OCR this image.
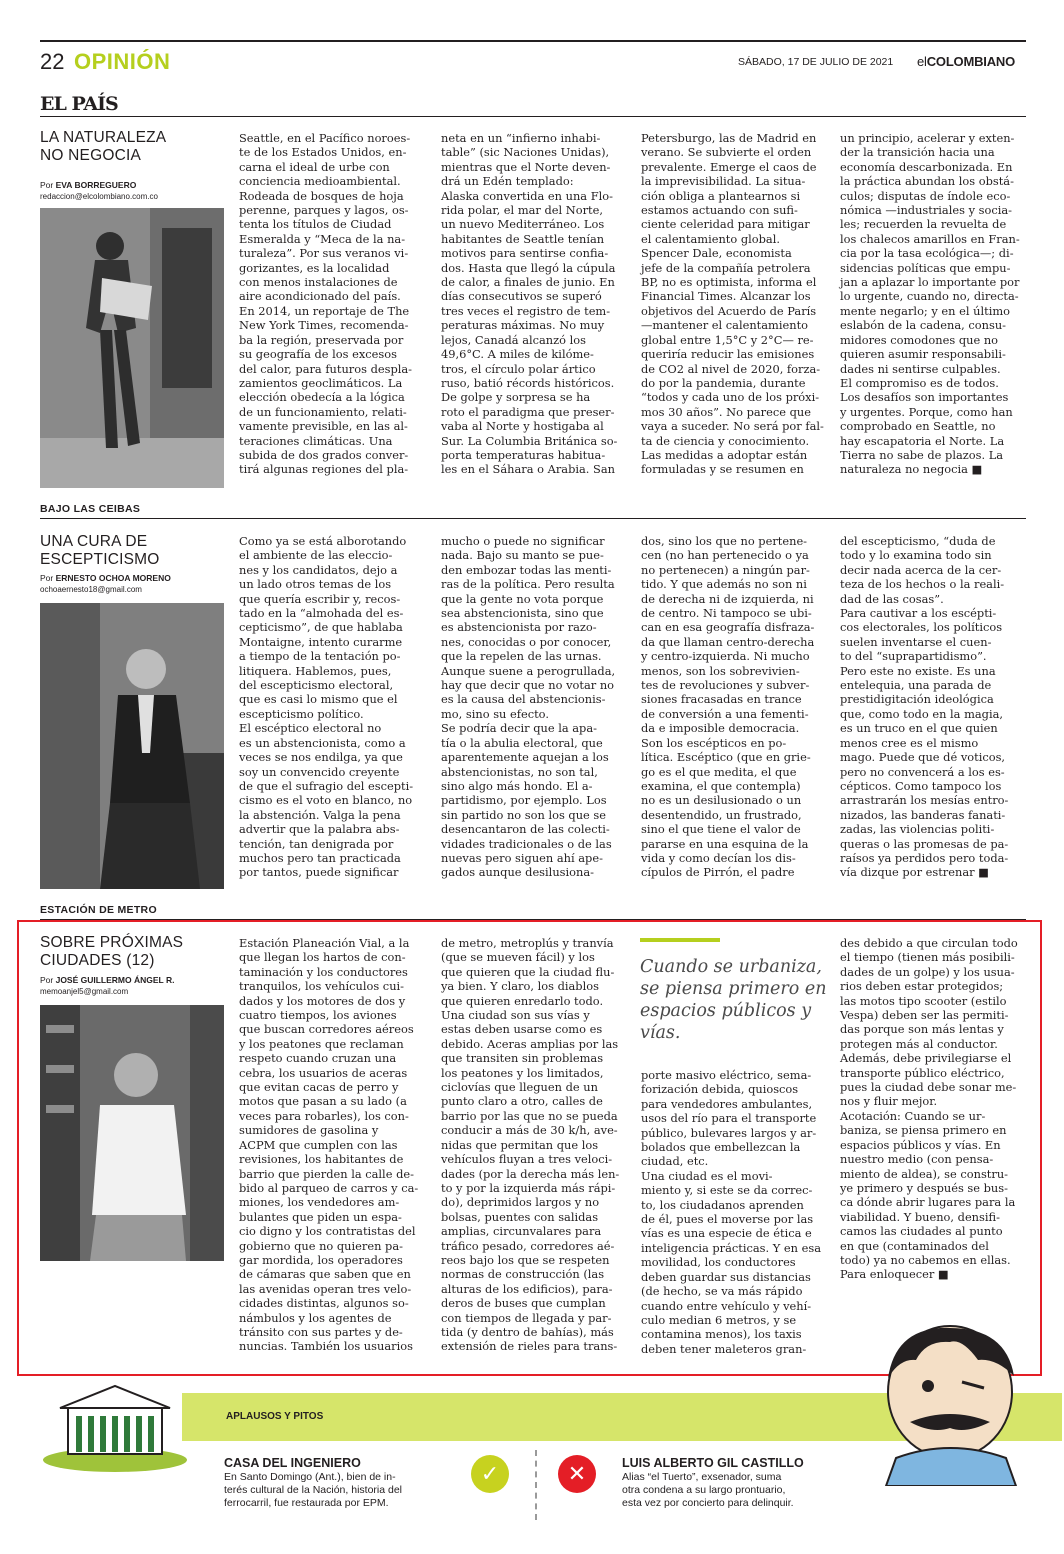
22 OPINIÓN	SÁBADO, 17 DE JULIO DE 2021 elCOLOMBIANO
EL PAÍS
LA NATURALEZA
NO NEGOCIA
Por EVA BORREGUERO
redaccion@elcolombiano.com.co
Seattle, en el Pacífico noroes-
te de los Estados Unidos, en-
carna el ideal de urbe con
conciencia medioambiental.
Rodeada de bosques de hoja
perenne, parques y lagos, os-
tenta los títulos de Ciudad
Esmeralda y “Meca de la na-
turaleza”. Por sus veranos vi-
gorizantes, es la localidad
con menos instalaciones de
aire acondicionado del país.
En 2014, un reportaje de The
New York Times, recomenda-
ba la región, preservada por
su geografía de los excesos
del calor, para futuros despla-
zamientos geoclimáticos. La
elección obedecía a la lógica
de un funcionamiento, relati-
vamente previsible, en las al-
teraciones climáticas. Una
subida de dos grados conver-
tirá algunas regiones del pla-
neta en un “infierno inhabi-
table” (sic Naciones Unidas),
mientras que el Norte deven-
drá un Edén templado:
Alaska convertida en una Flo-
rida polar, el mar del Norte,
un nuevo Mediterráneo. Los
habitantes de Seattle tenían
motivos para sentirse confia-
dos. Hasta que llegó la cúpula
de calor, a finales de junio. En
días consecutivos se superó
tres veces el registro de tem-
peraturas máximas. No muy
lejos, Canadá alcanzó los
49,6°C. A miles de kilóme-
tros, el círculo polar ártico
ruso, batió récords históricos.
De golpe y sorpresa se ha
roto el paradigma que preser-
vaba al Norte y hostigaba al
Sur. La Columbia Británica so-
porta temperaturas habitua-
les en el Sáhara o Arabia. San
Petersburgo, las de Madrid en
verano. Se subvierte el orden
prevalente. Emerge el caos de
la imprevisibilidad. La situa-
ción obliga a plantearnos si
estamos actuando con sufi-
ciente celeridad para mitigar
el calentamiento global.
Spencer Dale, economista
jefe de la compañía petrolera
BP, no es optimista, informa el
Financial Times. Alcanzar los
objetivos del Acuerdo de París
—mantener el calentamiento
global entre 1,5°C y 2°C— re-
queriría reducir las emisiones
de CO2 al nivel de 2020, forza-
do por la pandemia, durante
“todos y cada uno de los próxi-
mos 30 años”. No parece que
vaya a suceder. No será por fal-
ta de ciencia y conocimiento.
Las medidas a adoptar están
formuladas y se resumen en
un principio, acelerar y exten-
der la transición hacia una
economía descarbonizada. En
la práctica abundan los obstá-
culos; disputas de índole eco-
nómica —industriales y socia-
les; recuerden la revuelta de
los chalecos amarillos en Fran-
cia por la tasa ecológica—; di-
sidencias políticas que empu-
jan a aplazar lo importante por
lo urgente, cuando no, directa-
mente negarlo; y en el último
eslabón de la cadena, consu-
midores comodones que no
quieren asumir responsabili-
dades ni sentirse culpables.
El compromiso es de todos.
Los desafíos son importantes
y urgentes. Porque, como han
comprobado en Seattle, no
hay escapatoria el Norte. La
Tierra no sabe de plazos. La
naturaleza no negocia ■
BAJO LAS CEIBAS
UNA CURA DE
ESCEPTICISMO
Por ERNESTO OCHOA MORENO
ochoaernesto18@gmail.com
Como ya se está alborotando
el ambiente de las eleccio-
nes y los candidatos, dejo a
un lado otros temas de los
que quería escribir y, recos-
tado en la “almohada del es-
cepticismo”, de que hablaba
Montaigne, intento curarme
a tiempo de la tentación po-
litiquera. Hablemos, pues,
del escepticismo electoral,
que es casi lo mismo que el
escepticismo político.
El escéptico electoral no
es un abstencionista, como a
veces se nos endilga, ya que
soy un convencido creyente
de que el sufragio del escepti-
cismo es el voto en blanco, no
la abstención. Valga la pena
advertir que la palabra abs-
tención, tan denigrada por
muchos pero tan practicada
por tantos, puede significar
mucho o puede no significar
nada. Bajo su manto se pue-
den embozar todas las menti-
ras de la política. Pero resulta
que la gente no vota porque
sea abstencionista, sino que
es abstencionista por razo-
nes, conocidas o por conocer,
que la repelen de las urnas.
Aunque suene a perogrullada,
hay que decir que no votar no
es la causa del abstencionis-
mo, sino su efecto.
Se podría decir que la apa-
tía o la abulia electoral, que
aparentemente aquejan a los
abstencionistas, no son tal,
sino algo más hondo. El a-
partidismo, por ejemplo. Los
sin partido no son los que se
desencantaron de las colecti-
vidades tradicionales o de las
nuevas pero siguen ahí ape-
gados aunque desilusiona-
dos, sino los que no pertene-
cen (no han pertenecido o ya
no pertenecen) a ningún par-
tido. Y que además no son ni
de derecha ni de izquierda, ni
de centro. Ni tampoco se ubi-
can en esa geografía disfraza-
da que llaman centro-derecha
y centro-izquierda. Ni mucho
menos, son los sobrevivien-
tes de revoluciones y subver-
siones fracasadas en trance
de conversión a una fementi-
da e imposible democracia.
Son los escépticos en po-
lítica. Escéptico (que en grie-
go es el que medita, el que
examina, el que contempla)
no es un desilusionado o un
desentendido, un frustrado,
sino el que tiene el valor de
pararse en una esquina de la
vida y como decían los dis-
cípulos de Pirrón, el padre
del escepticismo, “duda de
todo y lo examina todo sin
decir nada acerca de la cer-
teza de los hechos o la reali-
dad de las cosas”.
Para cautivar a los escépti-
cos electorales, los políticos
suelen inventarse el cuen-
to del “suprapartidismo”.
Pero este no existe. Es una
entelequia, una parada de
prestidigitación ideológica
que, como todo en la magia,
es un truco en el que quien
menos cree es el mismo
mago. Puede que dé voticos,
pero no convencerá a los es-
cépticos. Como tampoco los
arrastrarán los mesías entro-
nizados, las banderas fanati-
zadas, las violencias politi-
queras o las promesas de pa-
raísos ya perdidos pero toda-
vía dizque por estrenar ■
ESTACIÓN DE METRO
SOBRE PRÓXIMAS
CIUDADES (12)
Por JOSÉ GUILLERMO ÁNGEL R.
memoanjel5@gmail.com
Estación Planeación Vial, a la
que llegan los hartos de con-
taminación y los conductores
tranquilos, los vehículos cui-
dados y los motores de dos y
cuatro tiempos, los aviones
que buscan corredores aéreos
y los peatones que reclaman
respeto cuando cruzan una
cebra, los usuarios de aceras
que evitan cacas de perro y
motos que pasan a su lado (a
veces para robarles), los con-
sumidores de gasolina y
ACPM que cumplen con las
revisiones, los habitantes de
barrio que pierden la calle de-
bido al parqueo de carros y ca-
miones, los vendedores am-
bulantes que piden un espa-
cio digno y los contratistas del
gobierno que no quieren pa-
gar mordida, los operadores
de cámaras que saben que en
las avenidas operan tres velo-
cidades distintas, algunos so-
námbulos y los agentes de
tránsito con sus partes y de-
nuncias. También los usuarios
de metro, metroplús y tranvía
(que se mueven fácil) y los
que quieren que la ciudad flu-
ya bien. Y claro, los diablos
que quieren enredarlo todo.
Una ciudad son sus vías y
estas deben usarse como es
debido. Aceras amplias por las
que transiten sin problemas
los peatones y los limitados,
ciclovías que lleguen de un
punto claro a otro, calles de
barrio por las que no se pueda
conducir a más de 30 k/h, ave-
nidas que permitan que los
vehículos fluyan a tres veloci-
dades (por la derecha más len-
to y por la izquierda más rápi-
do), deprimidos largos y no
bolsas, puentes con salidas
amplias, circunvalares para
tráfico pesado, corredores aé-
reos bajo los que se respeten
normas de construcción (las
alturas de los edificios), para-
deros de buses que cumplan
con tiempos de llegada y par-
tida (y dentro de bahías), más
extensión de rieles para trans-
Cuando se urbaniza, se piensa primero en espacios públicos y vías.
porte masivo eléctrico, sema-
forización debida, quioscos
para vendedores ambulantes,
usos del río para el transporte
público, bulevares largos y ar-
bolados que embellezcan la
ciudad, etc.
Una ciudad es el movi-
miento y, si este se da correc-
to, los ciudadanos aprenden
de él, pues el moverse por las
vías es una especie de ética e
inteligencia prácticas. Y en esa
movilidad, los conductores
deben guardar sus distancias
(de hecho, se va más rápido
cuando entre vehículo y vehí-
culo median 6 metros, y se
contamina menos), los taxis
deben tener maleteros gran-
des debido a que circulan todo
el tiempo (tienen más posibili-
dades de un golpe) y los usua-
rios deben estar protegidos;
las motos tipo scooter (estilo
Vespa) deben ser las permiti-
das porque son más lentas y
protegen más al conductor.
Además, debe privilegiarse el
transporte público eléctrico,
pues la ciudad debe sonar me-
nos y fluir mejor.
Acotación: Cuando se ur-
baniza, se piensa primero en
espacios públicos y vías. En
nuestro medio (con pensa-
miento de aldea), se constru-
ye primero y después se bus-
ca dónde abrir lugares para la
viabilidad. Y bueno, densifi-
camos las ciudades al punto
en que (contaminados del
todo) ya no cabemos en ellas.
Para enloquecer ■
APLAUSOS Y PITOS
CASA DEL INGENIERO
En Santo Domingo (Ant.), bien de in-
terés cultural de la Nación, historia del
ferrocarril, fue restaurada por EPM.
✓	✕	LUIS ALBERTO GIL CASTILLO
Alias “el Tuerto”, exsenador, suma
otra condena a su largo prontuario,
esta vez por concierto para delinquir.
